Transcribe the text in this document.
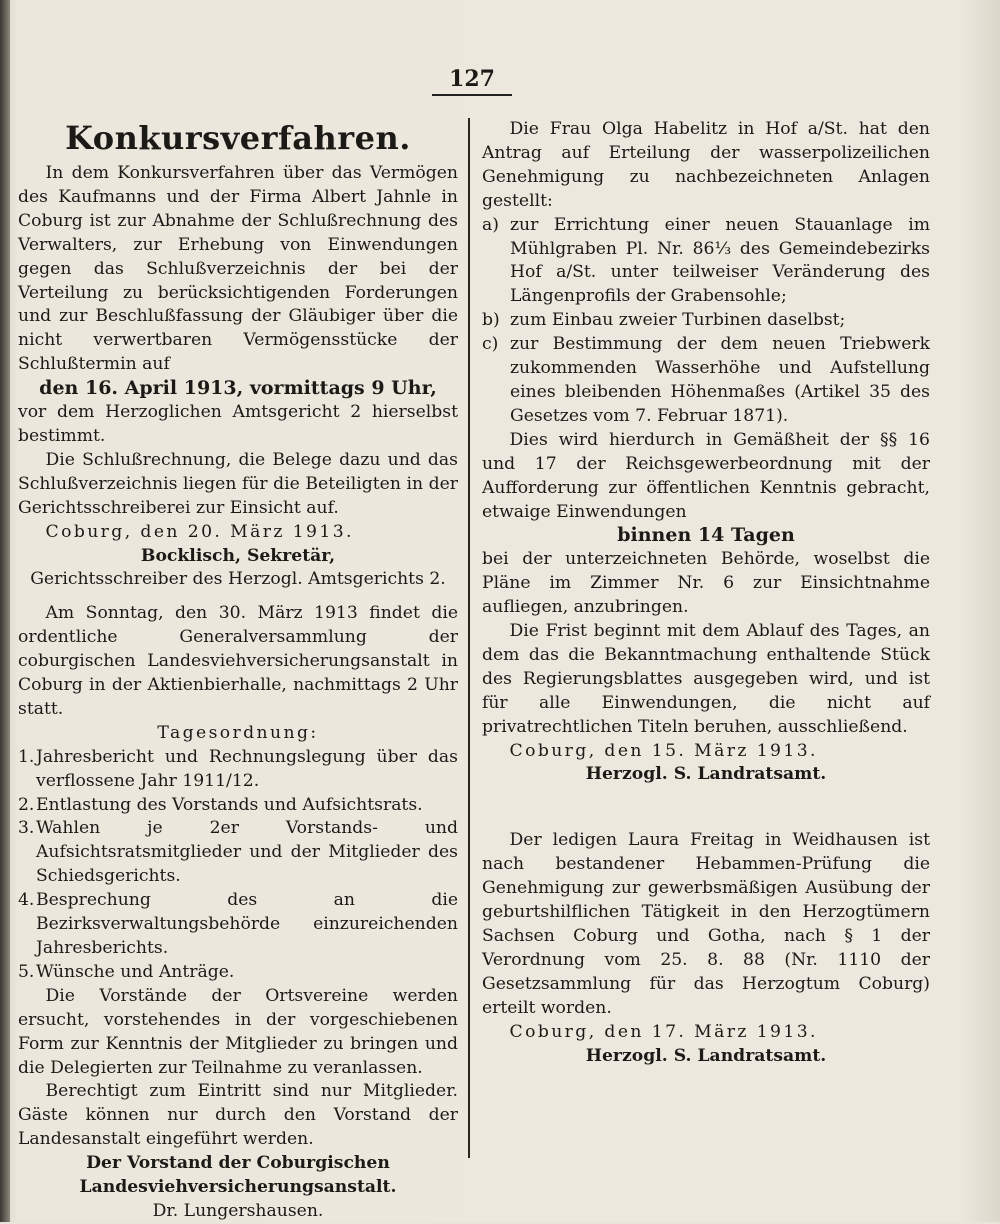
127
Konkursverfahren.

In dem Konkursverfahren über das Vermögen des Kaufmanns und der Firma Albert Jahnle in Coburg ist zur Abnahme der Schlußrechnung des Verwalters, zur Erhebung von Einwendungen gegen das Schlußverzeichnis der bei der Verteilung zu berücksichtigenden Forderungen und zur Beschlußfassung der Gläubiger über die nicht verwertbaren Vermögensstücke der Schlußtermin auf

den 16. April 1913, vormittags 9 Uhr,

vor dem Herzoglichen Amtsgericht 2 hierselbst bestimmt.

Die Schlußrechnung, die Belege dazu und das Schlußverzeichnis liegen für die Beteiligten in der Gerichtsschreiberei zur Einsicht auf.

Coburg, den 20. März 1913.

Bocklisch, Sekretär,

Gerichtsschreiber des Herzogl. Amtsgerichts 2.

Am Sonntag, den 30. März 1913 findet die ordentliche Generalversammlung der coburgischen Landesviehversicherungsanstalt in Coburg in der Aktienbierhalle, nachmittags 2 Uhr statt.

Tagesordnung:

1. Jahresbericht und Rechnungslegung über das verflossene Jahr 1911/12.
2. Entlastung des Vorstands und Aufsichtsrats.
3. Wahlen je 2er Vorstands- und Aufsichtsratsmitglieder und der Mitglieder des Schiedsgerichts.
4. Besprechung des an die Bezirksverwaltungsbehörde einzureichenden Jahresberichts.
5. Wünsche und Anträge.

Die Vorstände der Ortsvereine werden ersucht, vorstehendes in der vorgeschiebenen Form zur Kenntnis der Mitglieder zu bringen und die Delegierten zur Teilnahme zu veranlassen.

Berechtigt zum Eintritt sind nur Mitglieder. Gäste können nur durch den Vorstand der Landesanstalt eingeführt werden.

Der Vorstand der Coburgischen Landesviehversicherungsanstalt.

Dr. Lungershausen.

Die Frau Olga Habelitz in Hof a/St. hat den Antrag auf Erteilung der wasserpolizeilichen Genehmigung zu nachbezeichneten Anlagen gestellt:

a) zur Errichtung einer neuen Stauanlage im Mühlgraben Pl. Nr. 86⅓ des Gemeindebezirks Hof a/St. unter teilweiser Veränderung des Längenprofils der Grabensohle;
b) zum Einbau zweier Turbinen daselbst;
c) zur Bestimmung der dem neuen Triebwerk zukommenden Wasserhöhe und Aufstellung eines bleibenden Höhenmaßes (Artikel 35 des Gesetzes vom 7. Februar 1871).

Dies wird hierdurch in Gemäßheit der §§ 16 und 17 der Reichsgewerbeordnung mit der Aufforderung zur öffentlichen Kenntnis gebracht, etwaige Einwendungen

binnen 14 Tagen

bei der unterzeichneten Behörde, woselbst die Pläne im Zimmer Nr. 6 zur Einsichtnahme aufliegen, anzubringen.

Die Frist beginnt mit dem Ablauf des Tages, an dem das die Bekanntmachung enthaltende Stück des Regierungsblattes ausgegeben wird, und ist für alle Einwendungen, die nicht auf privatrechtlichen Titeln beruhen, ausschließend.

Coburg, den 15. März 1913.

Herzogl. S. Landratsamt.

Der ledigen Laura Freitag in Weidhausen ist nach bestandener Hebammen-Prüfung die Genehmigung zur gewerbsmäßigen Ausübung der geburtshilflichen Tätigkeit in den Herzogtümern Sachsen Coburg und Gotha, nach § 1 der Verordnung vom 25. 8. 88 (Nr. 1110 der Gesetzsammlung für das Herzogtum Coburg) erteilt worden.

Coburg, den 17. März 1913.

Herzogl. S. Landratsamt.
